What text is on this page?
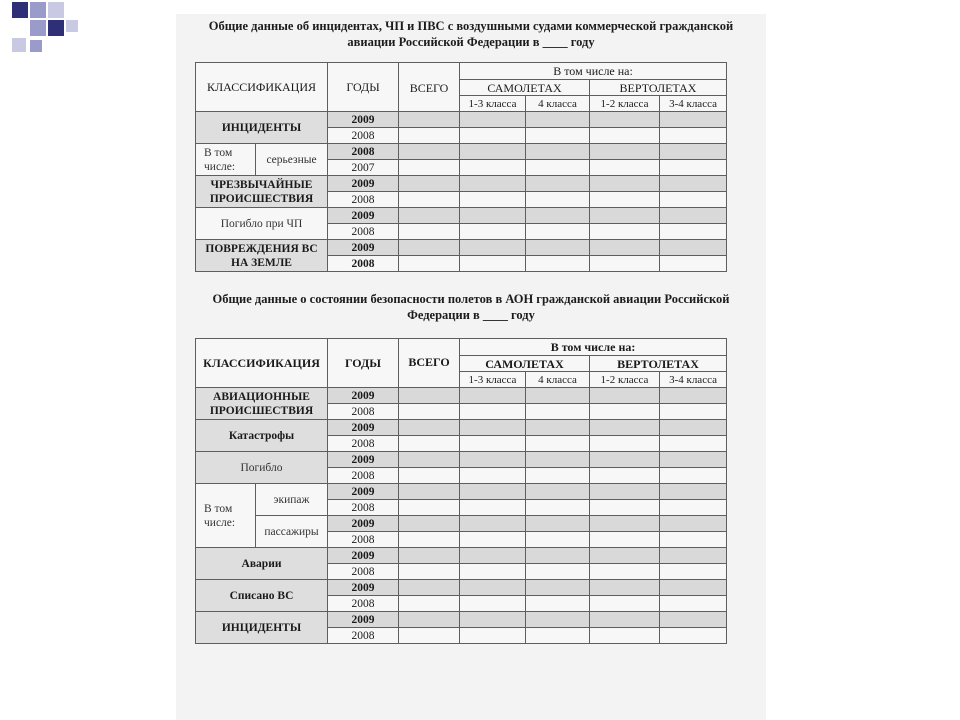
Общие данные об инцидентах, ЧП и ПВС с воздушными судами коммерческой гражданской
авиации Российской Федерации в ____ году
КЛАССИФИКАЦИЯ		ГОДЫ	ВСЕГО	В том числе на:			
				САМОЛЕТАХ		ВЕРТОЛЕТАХ	
				1-3 класса	4 класса	1-2 класса	3-4 класса
ИНЦИДЕНТЫ		2009					
		2008					
В том числе:	серьезные	2008					
		2007					
ЧРЕЗВЫЧАЙНЫЕ ПРОИСШЕСТВИЯ		2009					
		2008					
Погибло при ЧП		2009					
		2008					
ПОВРЕЖДЕНИЯ ВС НА ЗЕМЛЕ		2009					
		2008					
Общие данные о состоянии безопасности полетов в АОН гражданской авиации Российской
Федерации в ____ году
КЛАССИФИКАЦИЯ		ГОДЫ	ВСЕГО	В том числе на:			
				САМОЛЕТАХ		ВЕРТОЛЕТАХ	
				1-3 класса	4 класса	1-2 класса	3-4 класса
АВИАЦИОННЫЕ ПРОИСШЕСТВИЯ		2009					
		2008					
Катастрофы		2009					
		2008					
Погибло		2009					
		2008					
В том числе:	экипаж	2009					
		2008					
	пассажиры	2009					
		2008					
Аварии		2009					
		2008					
Списано ВС		2009					
		2008					
ИНЦИДЕНТЫ		2009					
		2008					
